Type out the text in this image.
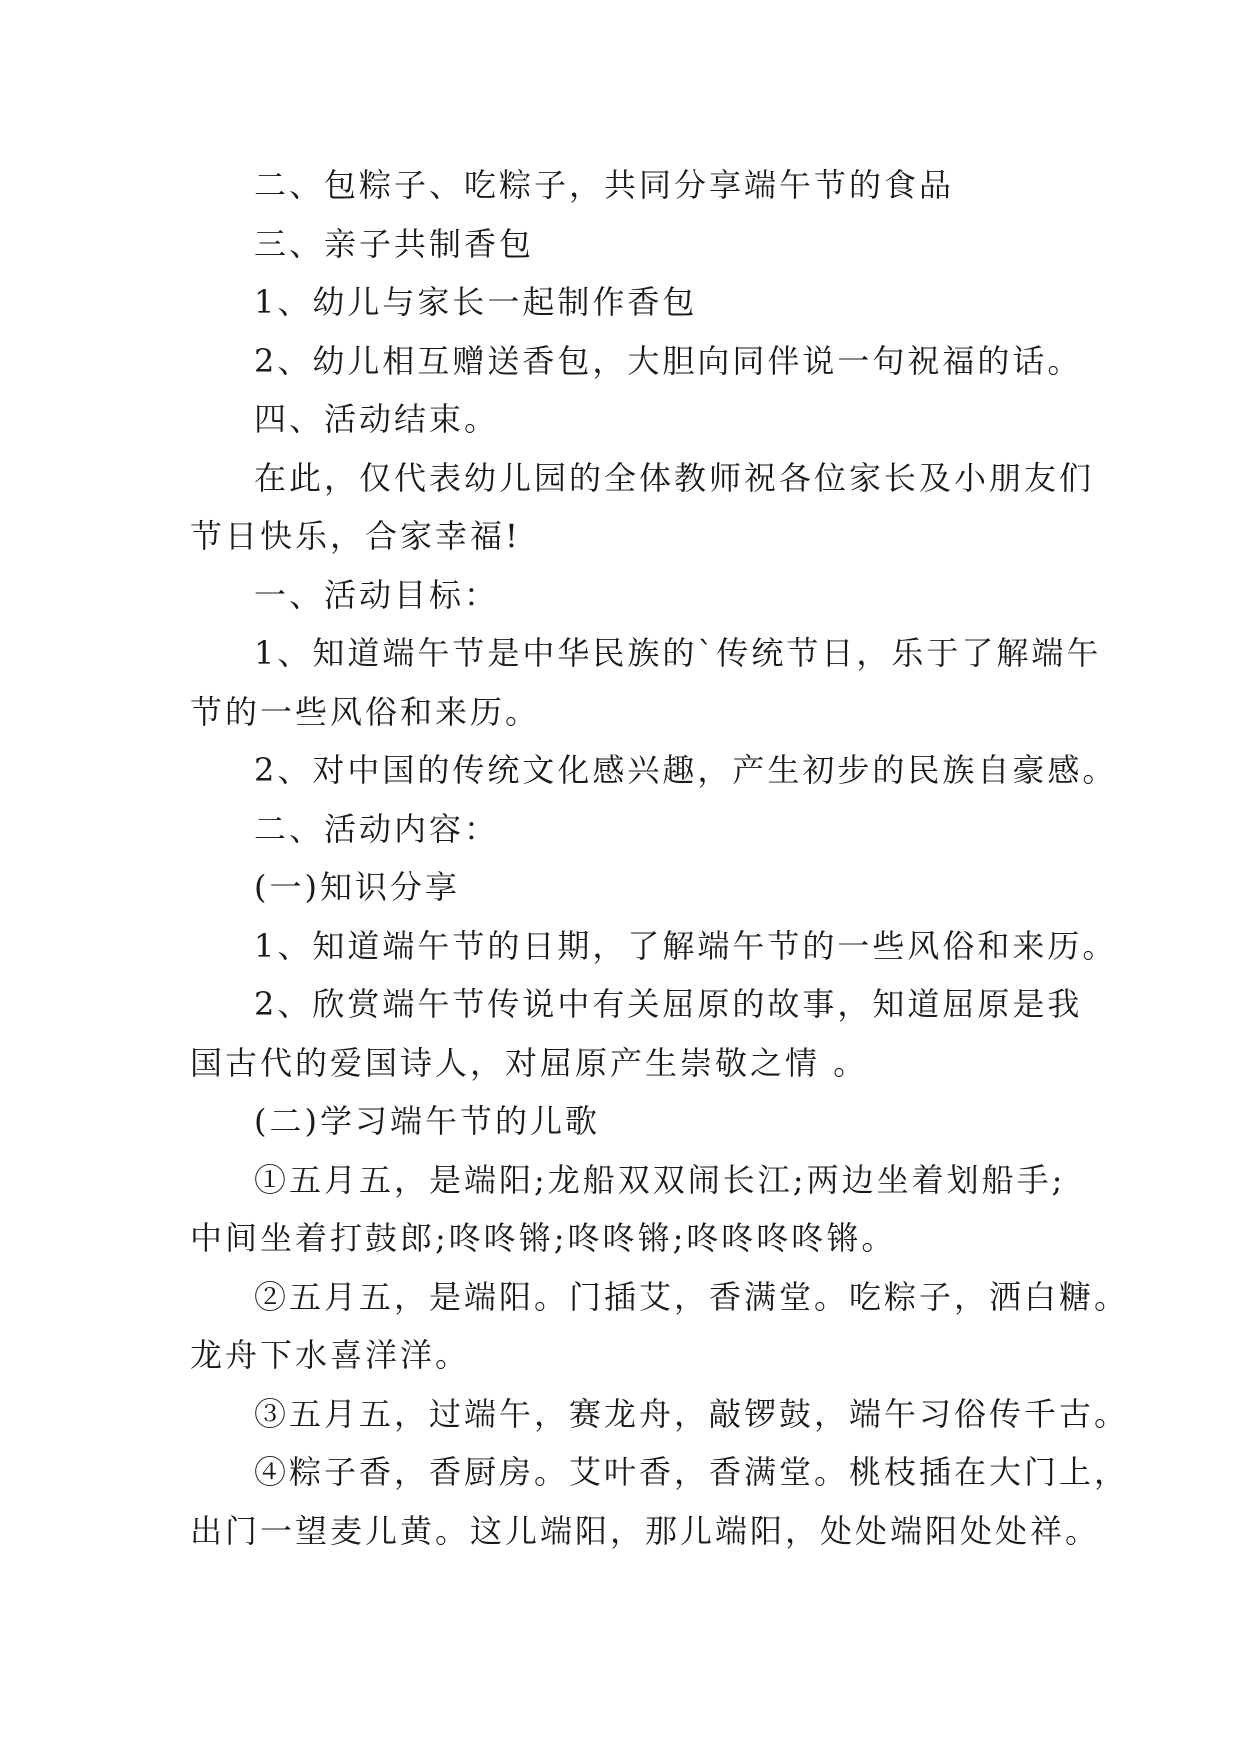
二、包粽子、吃粽子，共同分享端午节的食品

三、亲子共制香包

1、幼儿与家长一起制作香包

2、幼儿相互赠送香包，大胆向同伴说一句祝福的话。

四、活动结束。

在此，仅代表幼儿园的全体教师祝各位家长及小朋友们

节日快乐，合家幸福!

一、活动目标：

1、知道端午节是中华民族的`传统节日，乐于了解端午

节的一些风俗和来历。

2、对中国的传统文化感兴趣，产生初步的民族自豪感。

二、活动内容：

(一)知识分享

1、知道端午节的日期，了解端午节的一些风俗和来历。

2、欣赏端午节传说中有关屈原的故事，知道屈原是我

国古代的爱国诗人，对屈原产生崇敬之情 。

(二)学习端午节的儿歌

①五月五，是端阳;龙船双双闹长江;两边坐着划船手;

中间坐着打鼓郎;咚咚锵;咚咚锵;咚咚咚咚锵。

②五月五，是端阳。门插艾，香满堂。吃粽子，洒白糖。

龙舟下水喜洋洋。

③五月五，过端午，赛龙舟，敲锣鼓，端午习俗传千古。

④粽子香，香厨房。艾叶香，香满堂。桃枝插在大门上，

出门一望麦儿黄。这儿端阳，那儿端阳，处处端阳处处祥。
